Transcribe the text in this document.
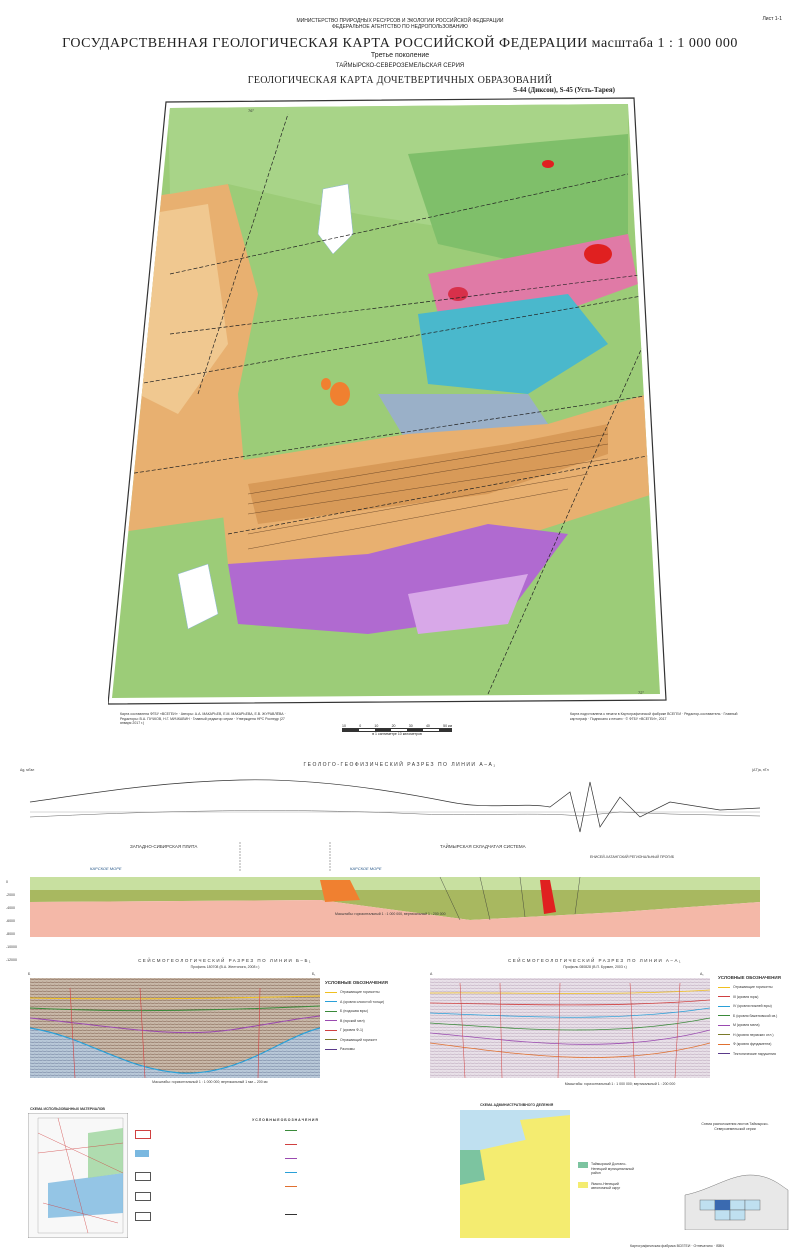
МИНИСТЕРСТВО ПРИРОДНЫХ РЕСУРСОВ И ЭКОЛОГИИ РОССИЙСКОЙ ФЕДЕРАЦИИ
ФЕДЕРАЛЬНОЕ АГЕНТСТВО ПО НЕДРОПОЛЬЗОВАНИЮ
Лист 1-1
ГОСУДАРСТВЕННАЯ ГЕОЛОГИЧЕСКАЯ КАРТА РОССИЙСКОЙ ФЕДЕРАЦИИ масштаба 1 : 1 000 000
Третье поколение
ТАЙМЫРСКО-СЕВЕРОЗЕМЕЛЬСКАЯ СЕРИЯ
ГЕОЛОГИЧЕСКАЯ КАРТА ДОЧЕТВЕРТИЧНЫХ ОБРАЗОВАНИЙ
S-44 (Диксон), S-45 (Усть-Тарея)
76°
72°
Карта составлена ФГБУ «ВСЕГЕИ» · Авторы: А.А. МАКАРЬЕВ, Е.М. МАКАРЬЕВА, Е.В. ЖУРАВЛЁВА · Редакторы: В.А. ПУЧКОВ, Н.Г. МИЧКАВИН · Главный редактор серии · Утверждена НРС Роснедр (27 января 2017 г.)
Карта подготовлена к печати в Картографической фабрике ВСЕГЕИ · Редактор-составитель · Главный картограф · Подписано к печати · © ФГБУ «ВСЕГЕИ», 2017
10	0	10	20	30	40	50 км
в 1 сантиметре 10 километров
ГЕОЛОГО-ГЕОФИЗИЧЕСКИЙ РАЗРЕЗ ПО ЛИНИИ А–А₁
Δg, мГал	(ΔТ)а, нТл
ЗАПАДНО-СИБИРСКАЯ ПЛИТА	ТАЙМЫРСКАЯ СКЛАДЧАТАЯ СИСТЕМА
ЕНИСЕЙ-ХАТАНГСКИЙ РЕГИОНАЛЬНЫЙ ПРОГИБ
КАРСКОЕ МОРЕ	КАРСКОЕ МОРЕ
Масштабы: горизонтальный 1 : 1 000 000, вертикальный 1 : 200 000
0
-2000
-4000
-6000
-8000
-10000
-12000	СЕЙСМОГЕОЛОГИЧЕСКИЙ РАЗРЕЗ ПО ЛИНИИ Б–Б₁
Профиль 180708 (В.А. Желтонога, 2008 г.)
Б	Б₁
Масштабы: горизонтальный 1 : 1 000 000; вертикальный 1 мм – 200 мс
УСЛОВНЫЕ ОБОЗНАЧЕНИЯ
Отражающие горизонты
А (кровля слоистой толщи)
Б (подошва юры)
В (юрский мел)
Г (кровля Ф-1)
Отражающий горизонт
Разломы
СЕЙСМОГЕОЛОГИЧЕСКИЙ РАЗРЕЗ ПО ЛИНИИ А–А₁
Профиль 080828 (В.П. Бурмин, 2003 г.)
А	А₁
Масштабы: горизонтальный 1 : 1 000 000; вертикальный 1 : 200 000
УСЛОВНЫЕ ОБОЗНАЧЕНИЯ
Отражающие горизонты
III (кровля юры)
IV (кровля нижней юры)
Б (кровля баженовской св.)
М (кровля мела)
Н (кровля пермских отл.)
Ф (кровля фундамента)
Тектонические нарушения
СХЕМА ИСПОЛЬЗОВАННЫХ МАТЕРИАЛОВ
У С Л О В Н Ы Е О Б О З Н А Ч Е Н И Я
СХЕМА АДМИНИСТРАТИВНОГО ДЕЛЕНИЯ
Таймырский Долгано-Ненецкий муниципальный район
Ямало-Ненецкий автономный округ
Схема расположения листов Таймырско-Североземельской серии
Картографическая фабрика ВСЕГЕИ · Отпечатано · ISBN
